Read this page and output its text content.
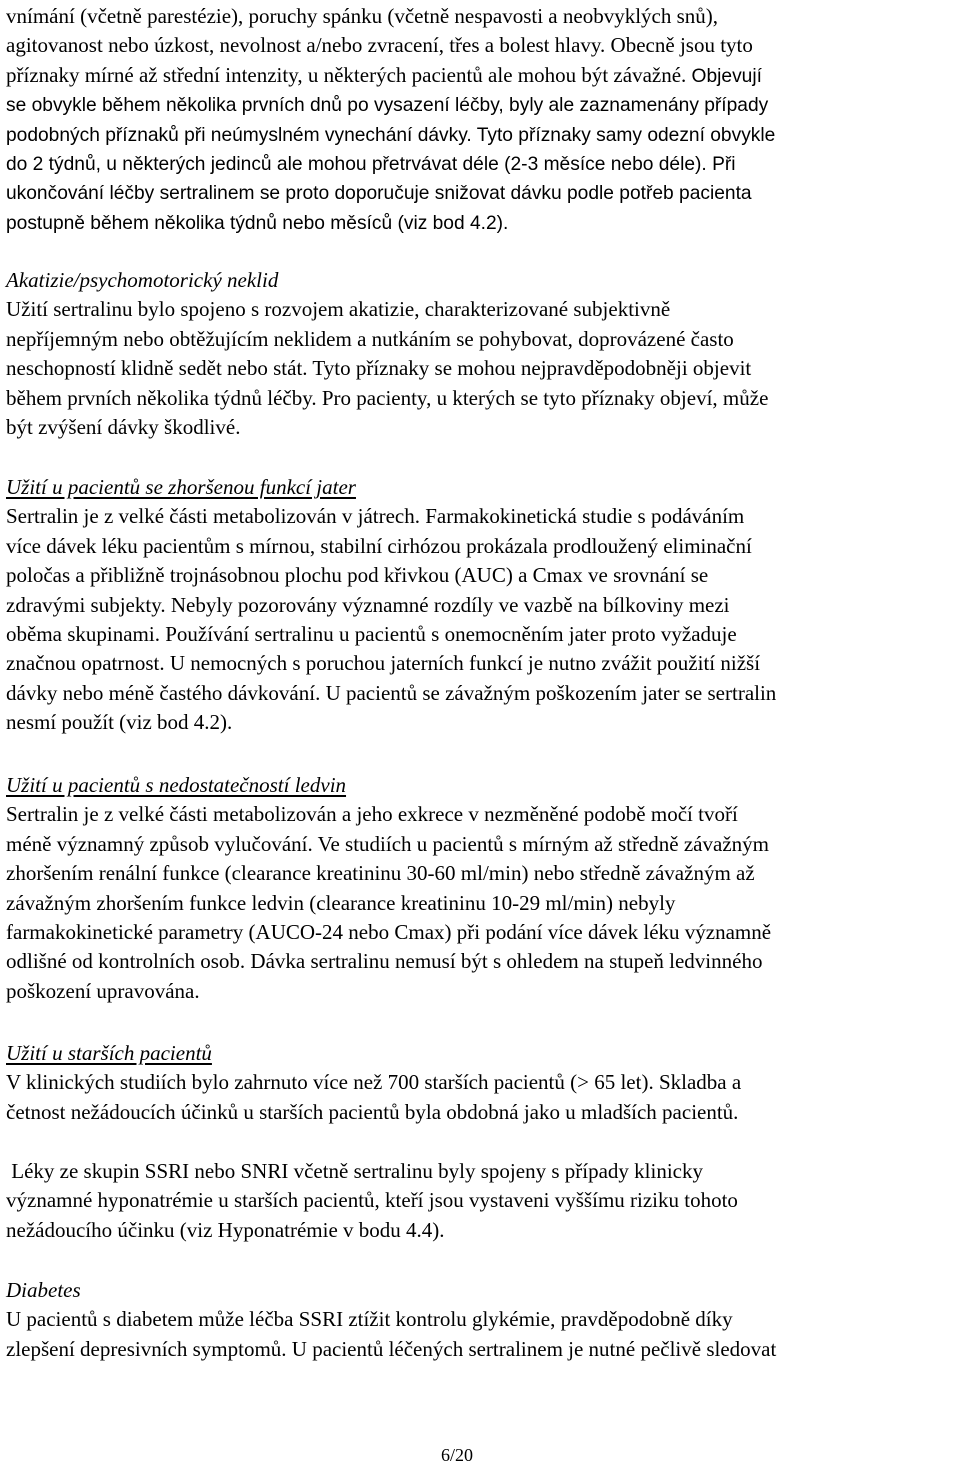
vnímání (včetně parestézie), poruchy spánku (včetně nespavosti a neobvyklých snů),
agitovanost nebo úzkost, nevolnost a/nebo zvracení, třes a bolest hlavy. Obecně jsou tyto
příznaky mírné až střední intenzity, u některých pacientů ale mohou být závažné. Objevují
se obvykle během několika prvních dnů po vysazení léčby, byly ale zaznamenány případy
podobných příznaků při neúmyslném vynechání dávky. Tyto příznaky samy odezní obvykle
do 2 týdnů, u některých jedinců ale mohou přetrvávat déle (2-3 měsíce nebo déle). Při
ukončování léčby sertralinem se proto doporučuje snižovat dávku podle potřeb pacienta
postupně během několika týdnů nebo měsíců (viz bod 4.2).
Akatizie/psychomotorický neklid
Užití sertralinu bylo spojeno s rozvojem akatizie, charakterizované subjektivně
nepříjemným nebo obtěžujícím neklidem a nutkáním se pohybovat, doprovázené často
neschopností klidně sedět nebo stát. Tyto příznaky se mohou nejpravděpodobněji objevit
během prvních několika týdnů léčby. Pro pacienty, u kterých se tyto příznaky objeví, může
být zvýšení dávky škodlivé.
Užití u pacientů se zhoršenou funkcí jater
Sertralin je z velké části metabolizován v játrech. Farmakokinetická studie s podáváním
více dávek léku pacientům s mírnou, stabilní cirhózou prokázala prodloužený eliminační
poločas a přibližně trojnásobnou plochu pod křivkou (AUC) a Cmax ve srovnání se
zdravými subjekty. Nebyly pozorovány významné rozdíly ve vazbě na bílkoviny mezi
oběma skupinami. Používání sertralinu u pacientů s onemocněním jater proto vyžaduje
značnou opatrnost. U nemocných s poruchou jaterních funkcí je nutno zvážit použití nižší
dávky nebo méně častého dávkování. U pacientů se závažným poškozením jater se sertralin
nesmí použít (viz bod 4.2).
Užití u pacientů s nedostatečností ledvin
Sertralin je z velké části metabolizován a jeho exkrece v nezměněné podobě močí tvoří
méně významný způsob vylučování. Ve studiích u pacientů s mírným až středně závažným
zhoršením renální funkce (clearance kreatininu 30-60 ml/min) nebo středně závažným až
závažným zhoršením funkce ledvin (clearance kreatininu 10-29 ml/min) nebyly
farmakokinetické parametry (AUCO-24 nebo Cmax) při podání více dávek léku významně
odlišné od kontrolních osob. Dávka sertralinu nemusí být s ohledem na stupeň ledvinného
poškození upravována.
Užití u starších pacientů
V klinických studiích bylo zahrnuto více než 700 starších pacientů (> 65 let). Skladba a
četnost nežádoucích účinků u starších pacientů byla obdobná jako u mladších pacientů.
Léky ze skupin SSRI nebo SNRI včetně sertralinu byly spojeny s případy klinicky
významné hyponatrémie u starších pacientů, kteří jsou vystaveni vyššímu riziku tohoto
nežádoucího účinku (viz Hyponatrémie v bodu 4.4).
Diabetes
U pacientů s diabetem může léčba SSRI ztížit kontrolu glykémie, pravděpodobně díky
zlepšení depresivních symptomů. U pacientů léčených sertralinem je nutné pečlivě sledovat
6/20
